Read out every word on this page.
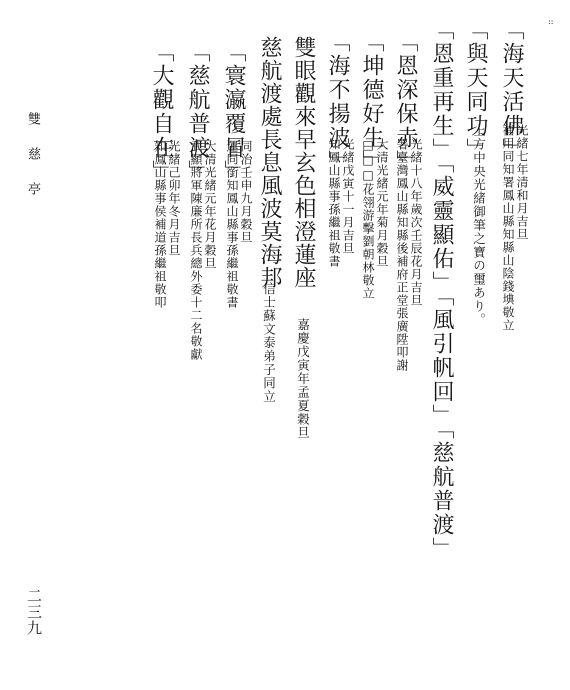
::
「海天活佛」
光緒七年清和月吉旦
補用同知署鳳山縣知縣山陰錢㙉敬立
「與天同功」
上方中央光緒御筆之寶の璽あり。
「恩重再生」「威靈顯佑」「風引帆回」「慈航普渡」
「恩深保赤」
光緒十八年歲次壬辰花月吉旦
署臺灣鳳山縣知縣後補府正堂張廣陞叩謝
「坤德好生」
大清光緒元年菊月穀旦
□□□花翎游擊劉朝林敬立
「海不揚波」
光緒戊寅十一月吉旦
知鳳山縣事孫繼祖敬書
雙眼觀來早玄色相澄蓮座
嘉慶戊寅年孟夏穀旦
慈航渡處長息風波莫海邦
信士蘇文泰弟子同立
「寰瀛覆冒」
同治壬申九月穀旦
運同銜知鳳山縣事孫繼祖敬書
「慈航普渡」
大清光緒元年花月穀旦
武顯將軍陳廉所長兵總外委十二名敬獻
「大觀自在」
光緒己卯年冬月吉旦
知鳳山縣事侯補道孫繼祖敬叩
雙慈亭
二三九
